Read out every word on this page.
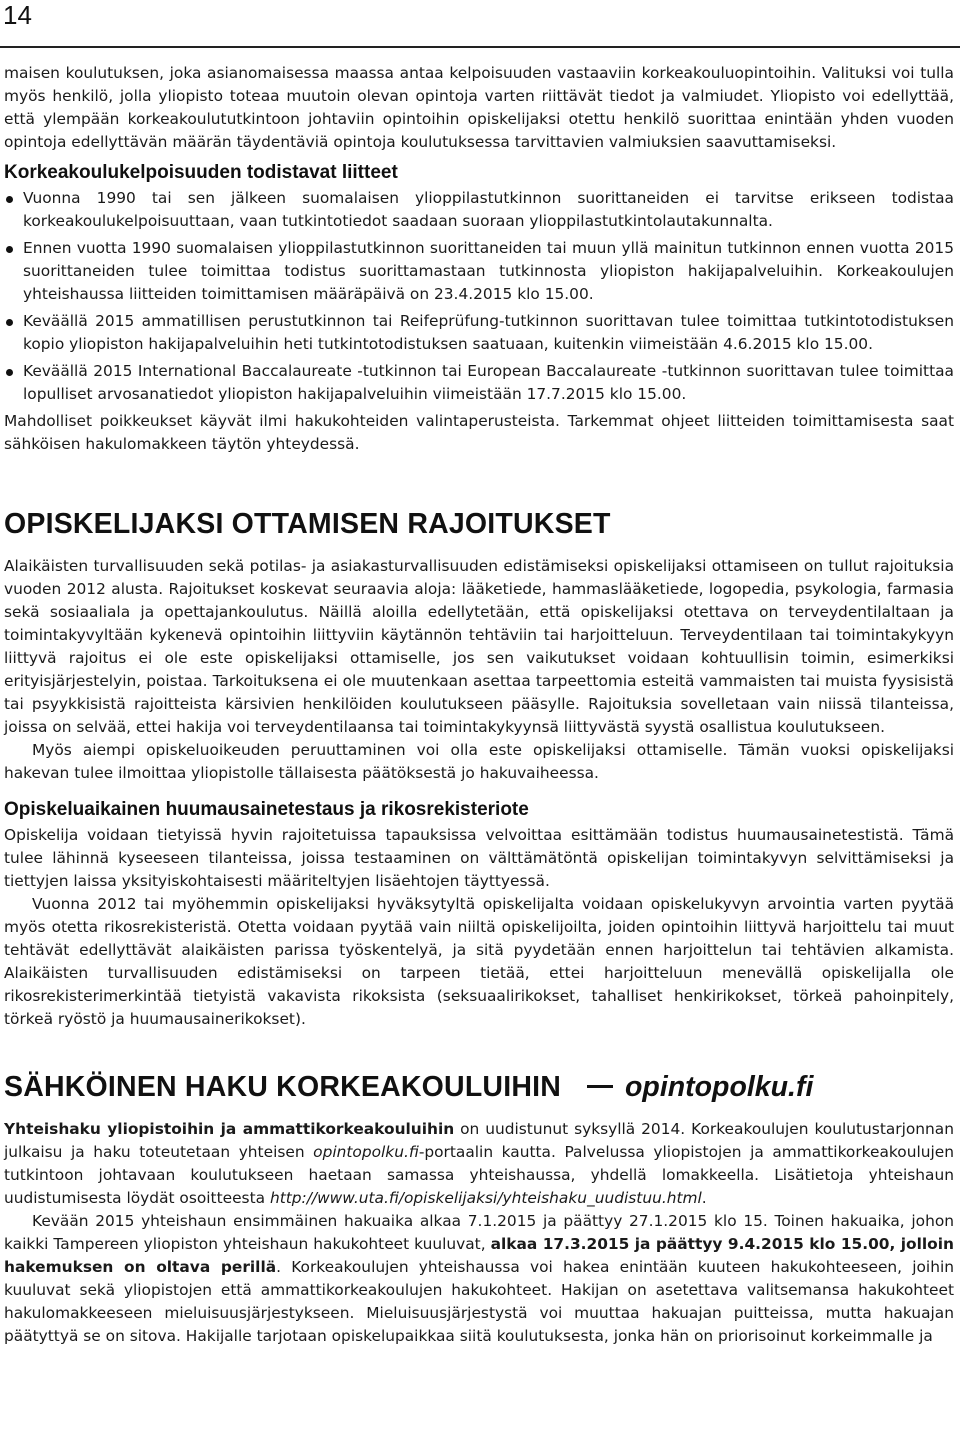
14

maisen koulutuksen, joka asianomaisessa maassa antaa kelpoisuuden vastaaviin korkeakouluopintoihin. Valituksi voi tulla myös henkilö, jolla yliopisto toteaa muutoin olevan opintoja varten riittävät tiedot ja valmiudet. Yliopisto voi edellyttää, että ylempään korkeakoulututkintoon johtaviin opintoihin opiskelijaksi otettu henkilö suorittaa enintään yhden vuoden opintoja edellyttävän määrän täydentäviä opintoja koulutuksessa tarvittavien valmiuksien saavuttamiseksi.

Korkeakoulukelpoisuuden todistavat liitteet
Vuonna 1990 tai sen jälkeen suomalaisen ylioppilastutkinnon suorittaneiden ei tarvitse erikseen todistaa korkeakoulukelpoisuuttaan, vaan tutkintotiedot saadaan suoraan ylioppilastutkintolautakunnalta.
Ennen vuotta 1990 suomalaisen ylioppilastutkinnon suorittaneiden tai muun yllä mainitun tutkinnon ennen vuotta 2015 suorittaneiden tulee toimittaa todistus suorittamastaan tutkinnosta yliopiston hakijapalveluihin. Korkeakoulujen yhteishaussa liitteiden toimittamisen määräpäivä on 23.4.2015 klo 15.00.
Keväällä 2015 ammatillisen perustutkinnon tai Reifeprüfung-tutkinnon suorittavan tulee toimittaa tutkintotodistuksen kopio yliopiston hakijapalveluihin heti tutkintotodistuksen saatuaan, kuitenkin viimeistään 4.6.2015 klo 15.00.
Keväällä 2015 International Baccalaureate -tutkinnon tai European Baccalaureate -tutkinnon suorittavan tulee toimittaa lopulliset arvosanatiedot yliopiston hakijapalveluihin viimeistään 17.7.2015 klo 15.00.

Mahdolliset poikkeukset käyvät ilmi hakukohteiden valintaperusteista. Tarkemmat ohjeet liitteiden toimittamisesta saat sähköisen hakulomakkeen täytön yhteydessä.

OPISKELIJAKSI OTTAMISEN RAJOITUKSET

Alaikäisten turvallisuuden sekä potilas- ja asiakasturvallisuuden edistämiseksi opiskelijaksi ottamiseen on tullut rajoituksia vuoden 2012 alusta. Rajoitukset koskevat seuraavia aloja: lääketiede, hammaslääketiede, logopedia, psykologia, farmasia sekä sosiaaliala ja opettajankoulutus. Näillä aloilla edellytetään, että opiskelijaksi otettava on terveydentilaltaan ja toimintakyvyltään kykenevä opintoihin liittyviin käytännön tehtäviin tai harjoitteluun. Terveydentilaan tai toimintakykyyn liittyvä rajoitus ei ole este opiskelijaksi ottamiselle, jos sen vaikutukset voidaan kohtuullisin toimin, esimerkiksi erityisjärjestelyin, poistaa. Tarkoituksena ei ole muutenkaan asettaa tarpeettomia esteitä vammaisten tai muista fyysisistä tai psyykkisistä rajoitteista kärsivien henkilöiden koulutukseen pääsylle. Rajoituksia sovelletaan vain niissä tilanteissa, joissa on selvää, ettei hakija voi terveydentilaansa tai toimintakykyynsä liittyvästä syystä osallistua koulutukseen.

Myös aiempi opiskeluoikeuden peruuttaminen voi olla este opiskelijaksi ottamiselle. Tämän vuoksi opiskelijaksi hakevan tulee ilmoittaa yliopistolle tällaisesta päätöksestä jo hakuvaiheessa.

Opiskeluaikainen huumausainetestaus ja rikosrekisteriote

Opiskelija voidaan tietyissä hyvin rajoitetuissa tapauksissa velvoittaa esittämään todistus huumausainetestistä. Tämä tulee lähinnä kyseeseen tilanteissa, joissa testaaminen on välttämätöntä opiskelijan toimintakyvyn selvittämiseksi ja tiettyjen laissa yksityiskohtaisesti määriteltyjen lisäehtojen täyttyessä.

Vuonna 2012 tai myöhemmin opiskelijaksi hyväksytyltä opiskelijalta voidaan opiskelukyvyn arvointia varten pyytää myös otetta rikosrekisteristä. Otetta voidaan pyytää vain niiltä opiskelijoilta, joiden opintoihin liittyvä harjoittelu tai muut tehtävät edellyttävät alaikäisten parissa työskentelyä, ja sitä pyydetään ennen harjoittelun tai tehtävien alkamista. Alaikäisten turvallisuuden edistämiseksi on tarpeen tietää, ettei harjoitteluun menevällä opiskelijalla ole rikosrekisterimerkintää tietyistä vakavista rikoksista (seksuaalirikokset, tahalliset henkirikokset, törkeä pahoinpitely, törkeä ryöstö ja huumausainerikokset).

SÄHKÖINEN HAKU KORKEAKOULUIHIN opintopolku.fi

Yhteishaku yliopistoihin ja ammattikorkeakouluihin on uudistunut syksyllä 2014. Korkeakoulujen koulutustarjonnan julkaisu ja haku toteutetaan yhteisen opintopolku.fi-portaalin kautta. Palvelussa yliopistojen ja ammattikorkeakoulujen tutkintoon johtavaan koulutukseen haetaan samassa yhteishaussa, yhdellä lomakkeella. Lisätietoja yhteishaun uudistumisesta löydät osoitteesta http://www.uta.fi/opiskelijaksi/yhteishaku_uudistuu.html.

Kevään 2015 yhteishaun ensimmäinen hakuaika alkaa 7.1.2015 ja päättyy 27.1.2015 klo 15. Toinen hakuaika, johon kaikki Tampereen yliopiston yhteishaun hakukohteet kuuluvat, alkaa 17.3.2015 ja päättyy 9.4.2015 klo 15.00, jolloin hakemuksen on oltava perillä. Korkeakoulujen yhteishaussa voi hakea enintään kuuteen hakukohteeseen, joihin kuuluvat sekä yliopistojen että ammattikorkeakoulujen hakukohteet. Hakijan on asetettava valitsemansa hakukohteet hakulomakkeeseen mieluisuusjärjestykseen. Mieluisuusjärjestystä voi muuttaa hakuajan puitteissa, mutta hakuajan päätyttyä se on sitova. Hakijalle tarjotaan opiskelupaikkaa siitä koulutuksesta, jonka hän on priorisoinut korkeimmalle ja
